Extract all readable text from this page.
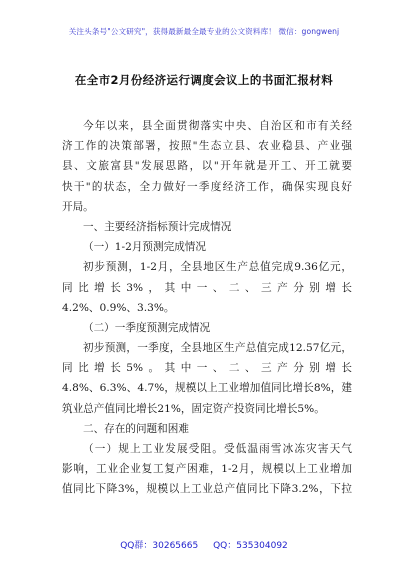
关注头条号"公文研究"，获得最新最全最专业的公文资料库！ 微信：gongwenj
在全市2月份经济运行调度会议上的书面汇报材料
今年以来，县全面贯彻落实中央、自治区和市有关经
济工作的决策部署，按照"生态立县、农业稳县、产业强
县、文旅富县"发展思路，以"开年就是开工、开工就要
快干"的状态，全力做好一季度经济工作，确保实现良好
开局。
一、主要经济指标预计完成情况
（一）1-2月预测完成情况
初步预测，1-2月，全县地区生产总值完成9.36亿元，
同比增长3%，其中一、二、三产分别增长
4.2%、0.9%、3.3%。
（二）一季度预测完成情况
初步预测，一季度，全县地区生产总值完成12.57亿元，
同比增长5%。其中一、二、三产分别增长
4.8%、6.3%、4.7%，规模以上工业增加值同比增长8%，建
筑业总产值同比增长21%，固定资产投资同比增长5%。
二、存在的问题和困难
（一）规上工业发展受阻。受低温雨雪冰冻灾害天气
影响，工业企业复工复产困难，1-2月，规模以上工业增加
值同比下降3%，规模以上工业总产值同比下降3.2%，下拉
QQ群：30265665 QQ：535304092
